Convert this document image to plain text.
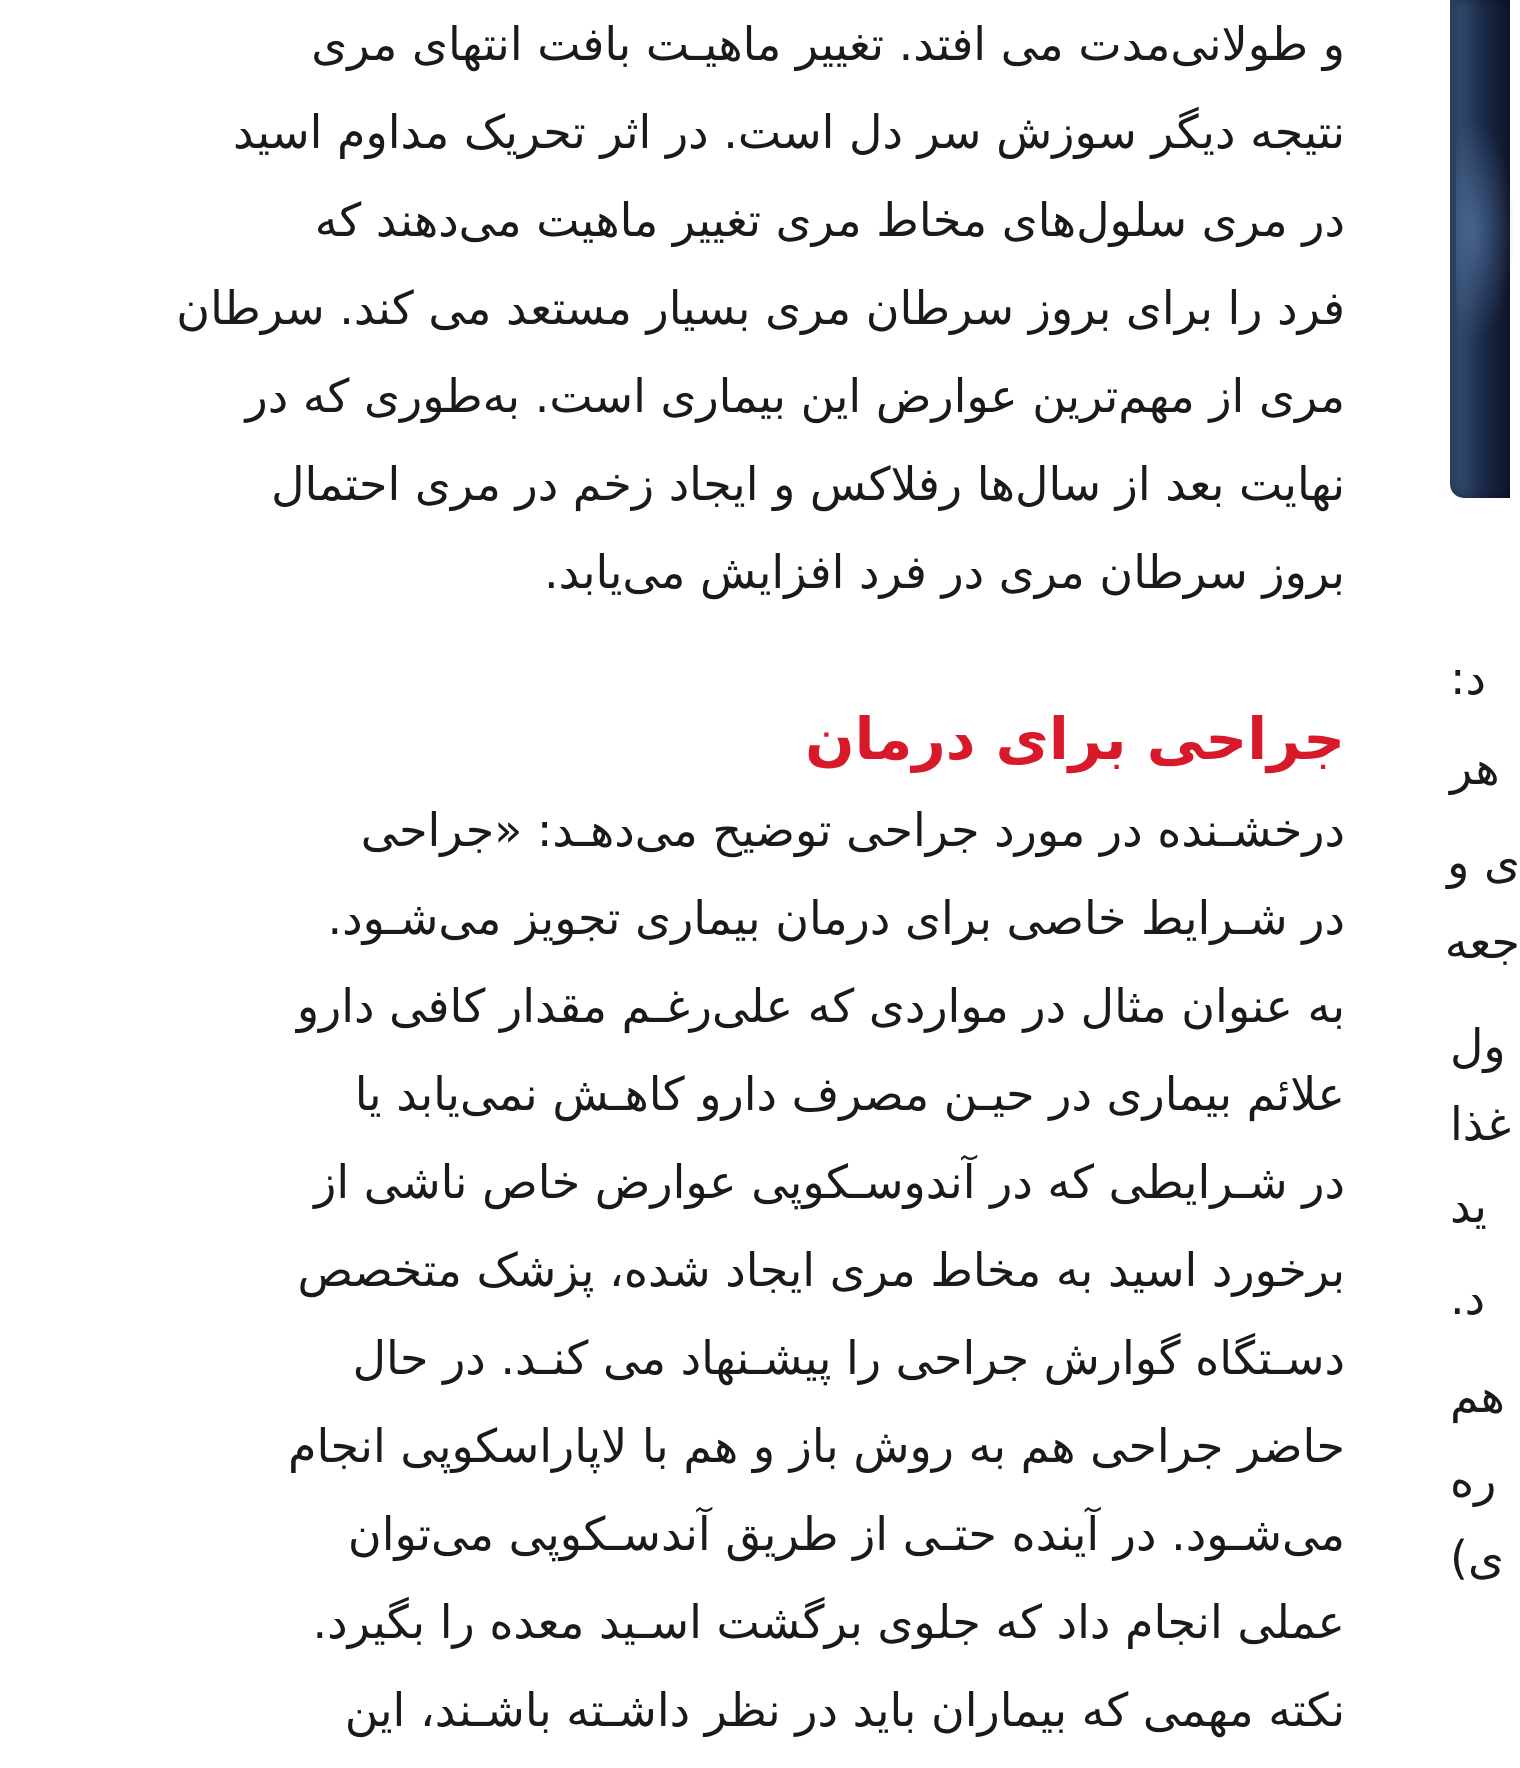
و طولانی‌مدت می افتد. تغییر ماهیـت بافت انتهای مری
نتیجه دیگر سوزش سر دل است. در اثر تحریک مداوم اسید
در مری سلول‌های مخاط مری تغییر ماهیت می‌دهند که
فرد را برای بروز سرطان مری بسیار مستعد می کند. سرطان
مری از مهم‌ترین عوارض این بیماری است. به‌طوری که در
نهایت بعد از سال‌ها رفلاکس و ایجاد زخم در مری احتمال
بروز سرطان مری در فرد افزایش می‌یابد.

جراحی برای درمان

درخشـنده در مورد جراحی توضیح می‌دهـد: «جراحی
در شـرایط خاصی برای درمان بیماری تجویز می‌شـود.
به عنوان مثال در مواردی که علی‌رغـم مقدار کافی دارو
علائم بیماری در حیـن مصرف دارو کاهـش نمی‌یابد یا
در شـرایطی که در آندوسـکوپی عوارض خاص ناشی از
برخورد اسید به مخاط مری ایجاد شده، پزشک متخصص
دسـتگاه گوارش جراحی را پیشـنهاد می کنـد. در حال
حاضر جراحی هم به روش باز و هم با لاپاراسکوپی انجام
می‌شـود. در آینده حتـی از طریق آندسـکوپی می‌توان
عملی انجام داد که جلوی برگشت اسـید معده را بگیرد.
نکته مهمی که بیماران باید در نظر داشـته باشـند، این

د:
هر
ی و
جعه
ول
غذا
ید
د.
هم
ره
ی)
